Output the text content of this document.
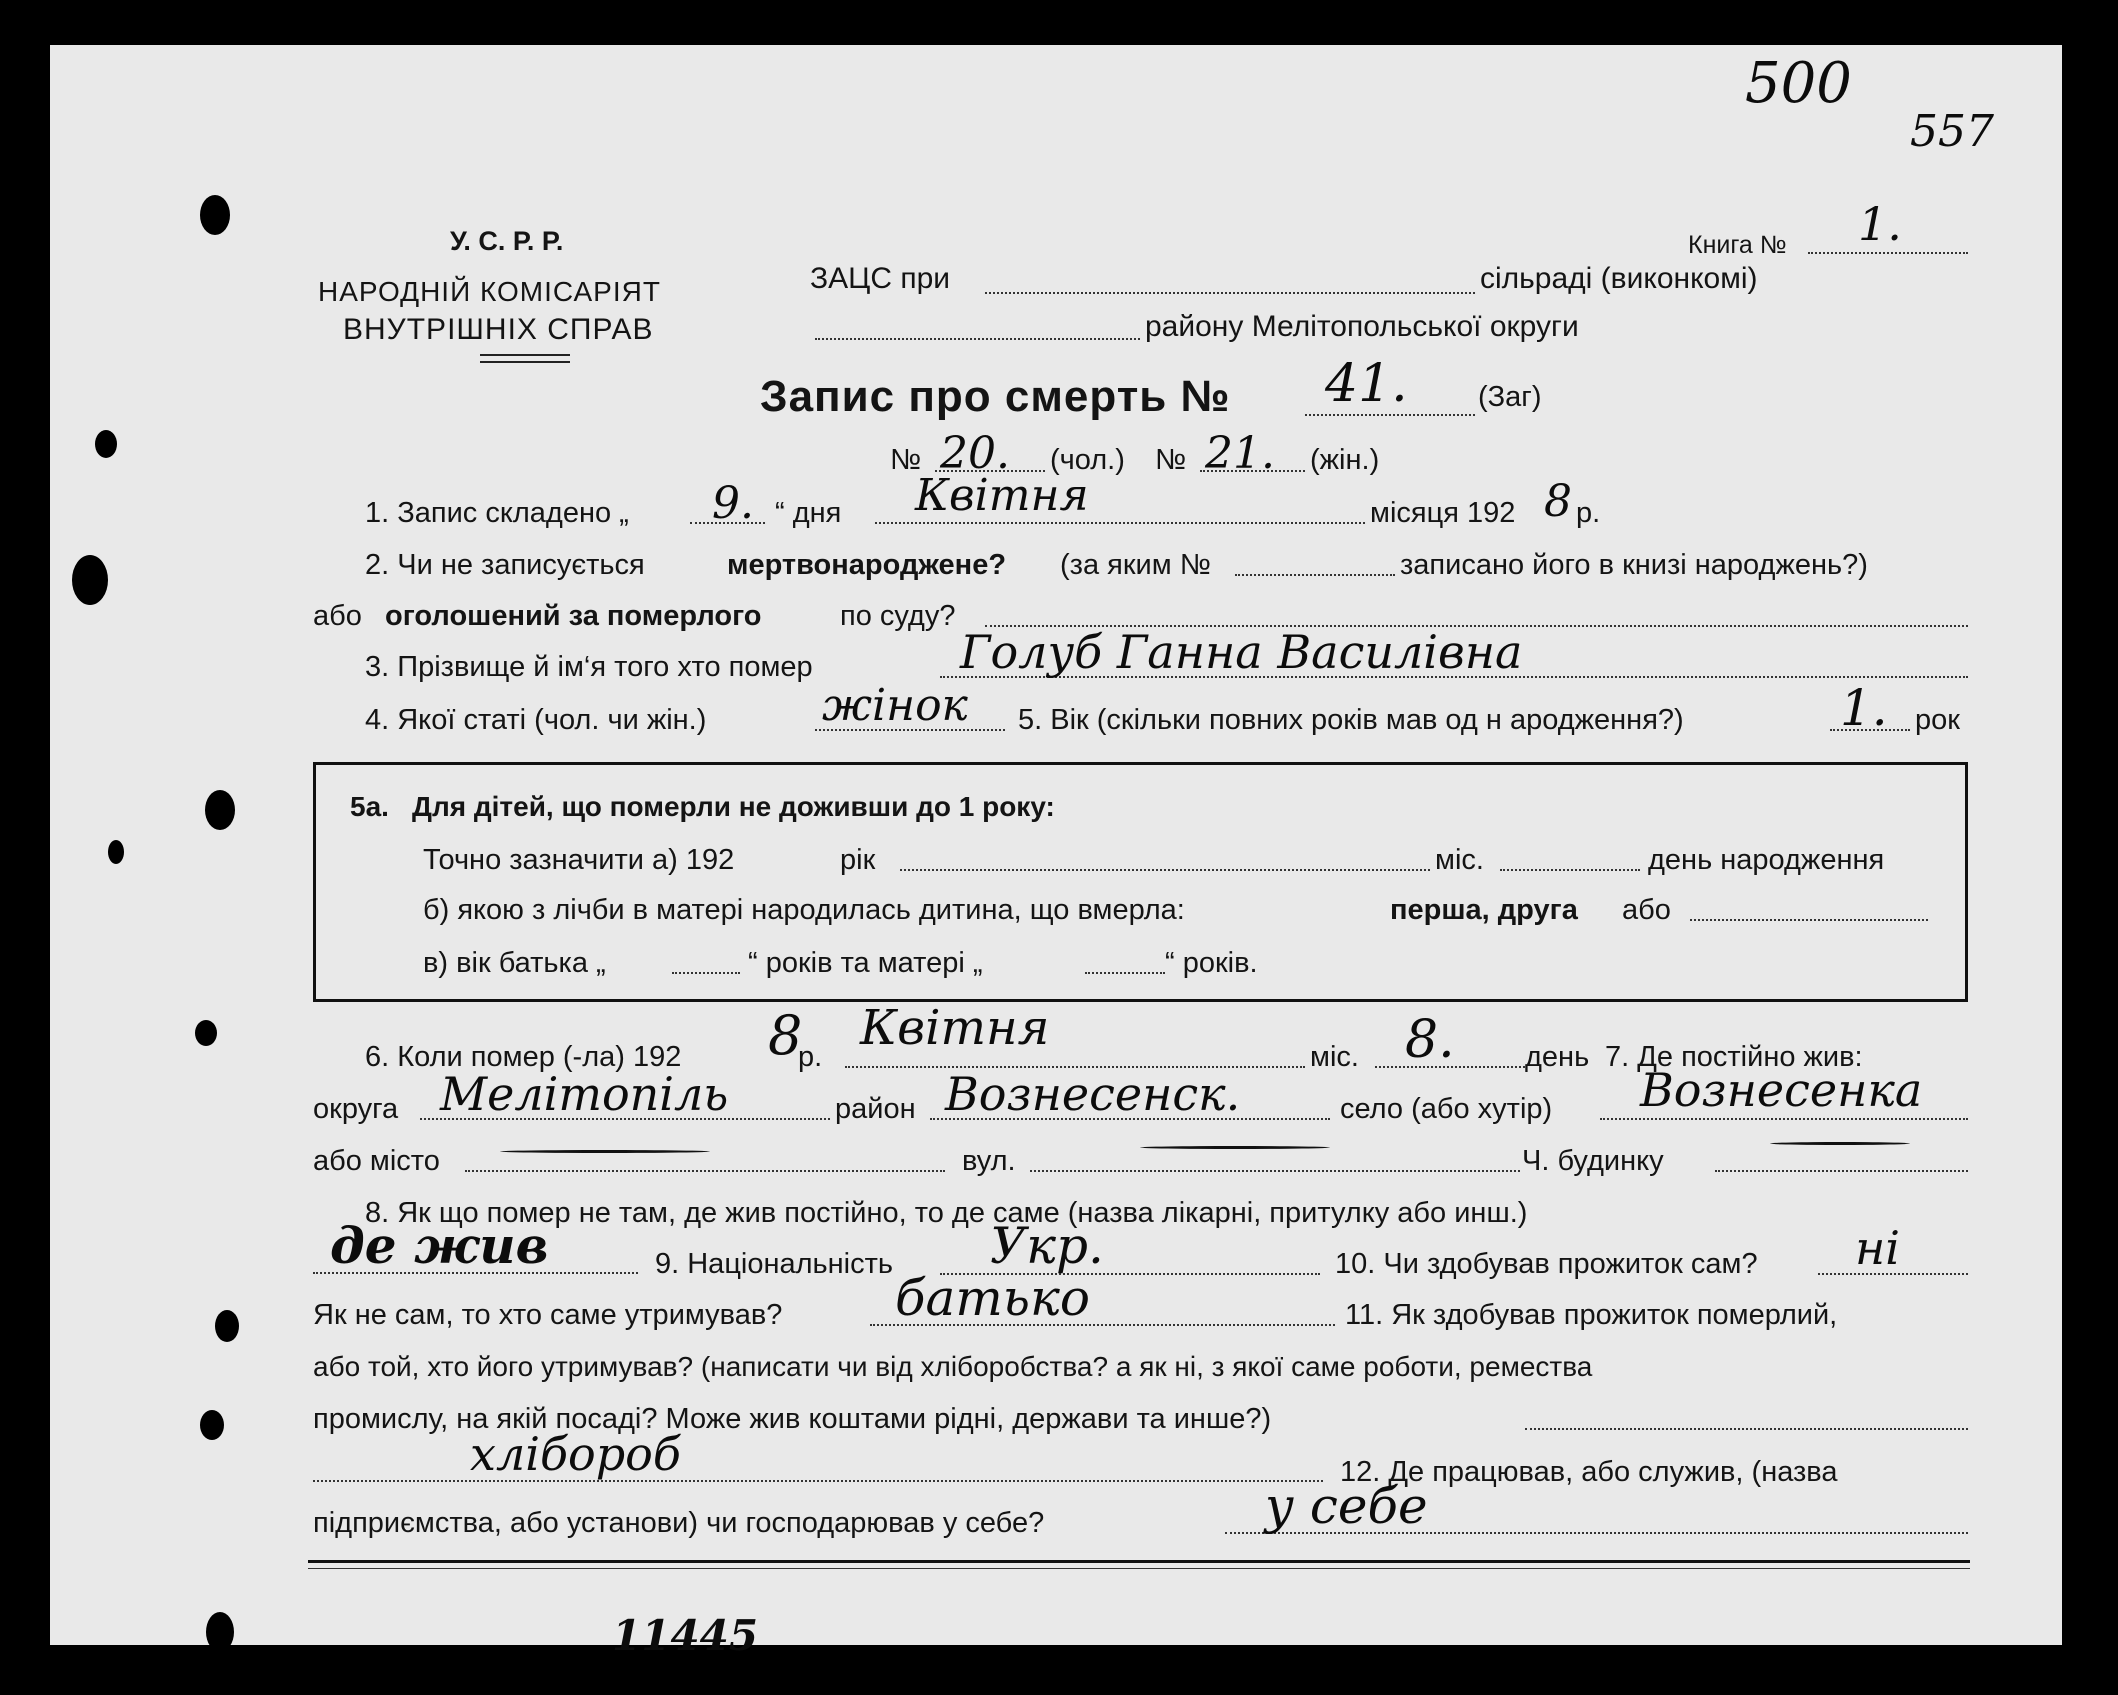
500
557
11445
У. С. Р. Р.
НАРОДНІЙ КОМІСАРІЯТ
ВНУТРІШНІХ СПРАВ
ЗАЦС при	сільраді (виконкомі)
району Мелітопольської округи
Книга № 1.
Запис про смерть № 41. (Заг)
№ 20. (чол.) № 21. (жін.)
1. Запис складено „ 9. “ дня Квітня	місяця 192 8 р.
2. Чи не записується	мертвонароджене? (за яким №	записано його в книзі народжень?)
або оголошений за померлого	по суду?
3. Прізвище й ім‘я того хто помер	Голуб Ганна Василівна
4. Якої статі (чол. чи жін.)	жінок 5. Вік (скільки повних років мав од н ародження?)	1. рок
5а. Для дітей, що померли не доживши до 1 року:
Точно зазначити а) 192	рік	міс.	день народження
б) якою з лічби в матері народилась дитина, що вмерла:	перша, друга або
в) вік батька „	“ років та матері „	“ років.
6. Коли помер (-ла) 192 8
р.
Квітня
міс. 8. день 7. Де постійно жив:
округа Мелітопіль	район Вознесенск.	село (або хутір) Вознесенка
або місто	вул.	Ч. будинку
8. Як що помер не там, де жив постійно, то де саме (назва лікарні, притулку або инш.)
де жив	9. Національність Укр.	10. Чи здобував прожиток сам? ні
Як не сам, то хто саме утримував? батько	11. Як здобував прожиток померлий,
або той, хто його утримував? (написати чи від хліборобства? а як ні, з якої саме роботи, ремества
промислу, на якій посаді? Може жив коштами рідні, держави та инше?)
хлібороб	12. Де працював, або служив, (назва
підприємства, або установи) чи господарював у себе?	у себе
